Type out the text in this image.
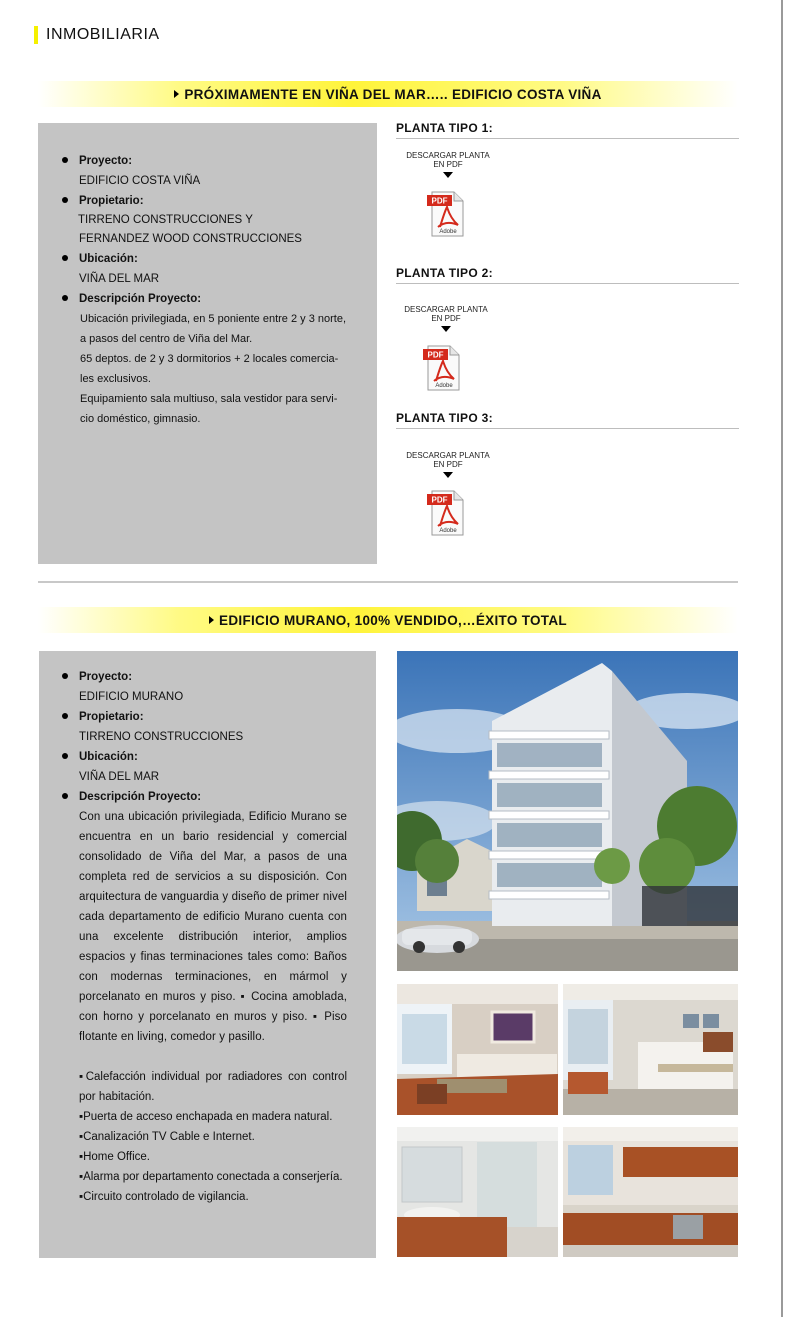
INMOBILIARIA
PRÓXIMAMENTE EN VIÑA DEL MAR….. EDIFICIO COSTA VIÑA
Proyecto:
EDIFICIO COSTA VIÑA
Propietario:
TIRRENO CONSTRUCCIONES Y
FERNANDEZ WOOD CONSTRUCCIONES
Ubicación:
VIÑA DEL MAR
Descripción Proyecto:
Ubicación privilegiada, en 5 poniente entre 2 y 3 norte,
a pasos del centro de Viña del Mar.
65 deptos. de 2 y 3 dormitorios + 2 locales comercia-
les exclusivos.
Equipamiento sala multiuso, sala vestidor para servi-
cio doméstico, gimnasio.
PLANTA TIPO 1:
DESCARGAR PLANTA
EN PDF
PDF
Adobe
PLANTA TIPO 2:
DESCARGAR PLANTA
EN PDF
PDF
Adobe
PLANTA TIPO 3:
DESCARGAR PLANTA
EN PDF
PDF
Adobe
EDIFICIO MURANO, 100% VENDIDO,…ÉXITO TOTAL
Proyecto:
EDIFICIO MURANO
Propietario:
TIRRENO CONSTRUCCIONES
Ubicación:
VIÑA DEL MAR
Descripción Proyecto:
Con una ubicación privilegiada, Edificio Murano se encuentra en un bario residencial y comercial consolidado de Viña del Mar, a pasos de una completa red de servicios a su disposición. Con arquitectura de vanguardia y diseño de primer nivel cada departamento de edificio Murano cuenta con una excelente distribución interior, amplios espacios y finas terminaciones tales como: Baños con modernas terminaciones, en mármol y porcelanato en muros y piso. ▪ Cocina amoblada, con horno y porcelanato en muros y piso. ▪ Piso flotante en living, comedor y pasillo.
▪Calefacción individual por radiadores con control por habitación.
▪Puerta de acceso enchapada en madera natural.
▪Canalización TV Cable e Internet.
▪Home Office.
▪Alarma por departamento conectada a conserjería.
▪Circuito controlado de vigilancia.
